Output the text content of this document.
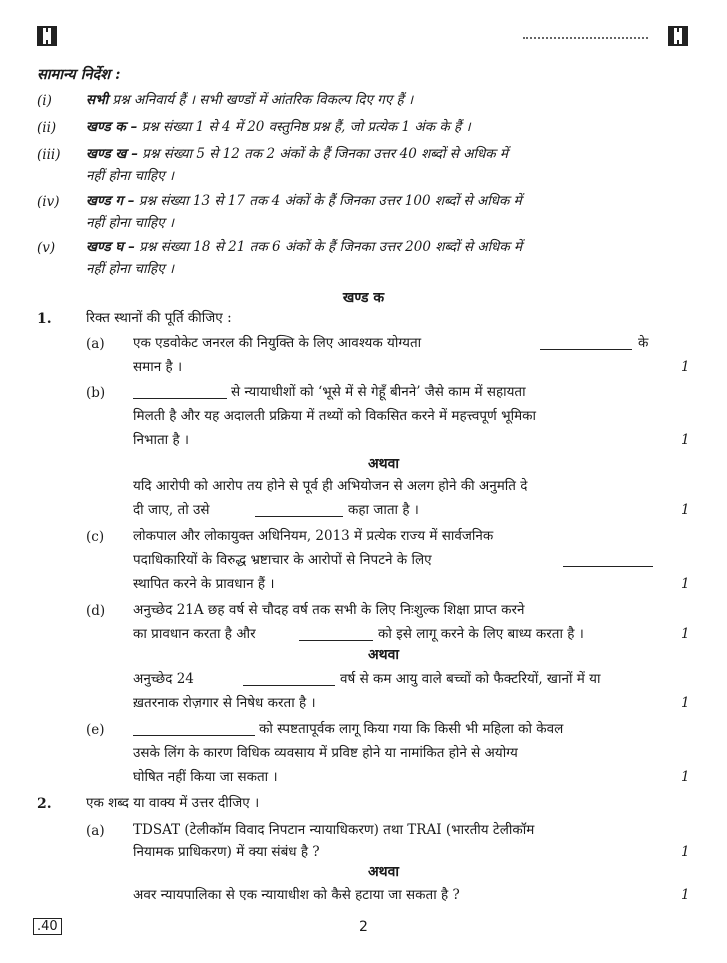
सामान्य निर्देश :
(i)	सभी प्रश्न अनिवार्य हैं । सभी खण्डों में आंतरिक विकल्प दिए गए हैं ।
(ii) खण्ड क – प्रश्न संख्या 1 से 4 में 20 वस्तुनिष्ठ प्रश्न हैं, जो प्रत्येक 1 अंक के हैं ।
(iii) खण्ड ख – प्रश्न संख्या 5 से 12 तक 2 अंकों के हैं जिनका उत्तर 40 शब्दों से अधिक में
नहीं होना चाहिए ।
(iv) खण्ड ग – प्रश्न संख्या 13 से 17 तक 4 अंकों के हैं जिनका उत्तर 100 शब्दों से अधिक में
नहीं होना चाहिए ।
(v) खण्ड घ – प्रश्न संख्या 18 से 21 तक 6 अंकों के हैं जिनका उत्तर 200 शब्दों से अधिक में
नहीं होना चाहिए ।
खण्ड क
1.	रिक्त स्थानों की पूर्ति कीजिए :
(a) एक एडवोकेट जनरल की नियुक्ति के लिए आवश्यक योग्यता	के
समान है ।	1
(b)	से न्यायाधीशों को ‘भूसे में से गेहूँ बीनने’ जैसे काम में सहायता
मिलती है और यह अदालती प्रक्रिया में तथ्यों को विकसित करने में महत्त्वपूर्ण भूमिका
निभाता है ।	1
अथवा
यदि आरोपी को आरोप तय होने से पूर्व ही अभियोजन से अलग होने की अनुमति दे
दी जाए, तो उसे	कहा जाता है ।	1
(c) लोकपाल और लोकायुक्त अधिनियम, 2013 में प्रत्येक राज्य में सार्वजनिक
पदाधिकारियों के विरुद्ध भ्रष्टाचार के आरोपों से निपटने के लिए
स्थापित करने के प्रावधान हैं ।	1
(d) अनुच्छेद 21A छह वर्ष से चौदह वर्ष तक सभी के लिए निःशुल्क शिक्षा प्राप्त करने
का प्रावधान करता है और	को इसे लागू करने के लिए बाध्य करता है ।	1
अथवा
अनुच्छेद 24	वर्ष से कम आयु वाले बच्चों को फैक्टरियों, खानों में या
ख़तरनाक रोज़गार से निषेध करता है ।	1
(e)	को स्पष्टतापूर्वक लागू किया गया कि किसी भी महिला को केवल
उसके लिंग के कारण विधिक व्यवसाय में प्रविष्ट होने या नामांकित होने से अयोग्य
घोषित नहीं किया जा सकता ।	1
2.	एक शब्द या वाक्य में उत्तर दीजिए ।
(a) TDSAT (टेलीकॉम विवाद निपटान न्यायाधिकरण) तथा TRAI (भारतीय टेलीकॉम
नियामक प्राधिकरण) में क्या संबंध है ?	1
अथवा
अवर न्यायपालिका से एक न्यायाधीश को कैसे हटाया जा सकता है ?	1
.40	2
